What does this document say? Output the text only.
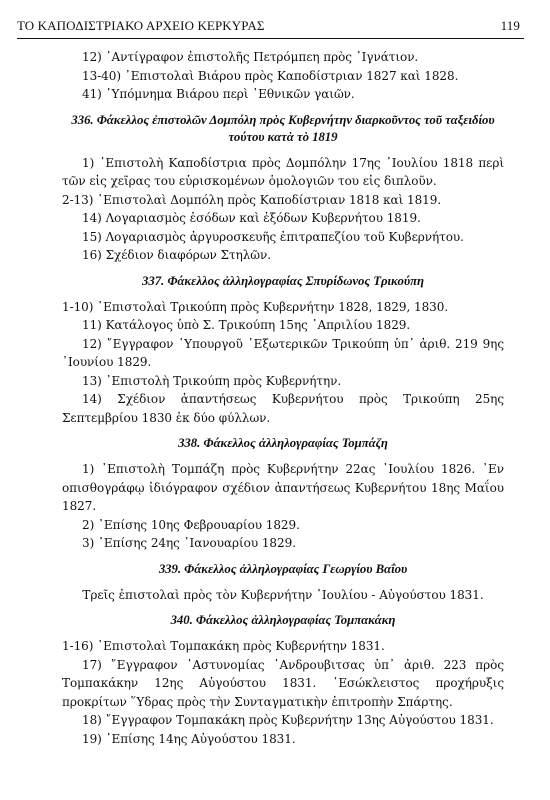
ΤΟ ΚΑΠΟΔΙΣΤΡΙΑΚΟ ΑΡΧΕΙΟ ΚΕΡΚΥΡΑΣ	119
12) ᾿Αντίγραφον ἐπιστολῆς Πετρόμπεη πρὸς ᾿Ιγνάτιον.
13-40) ᾿Επιστολαὶ Βιάρου πρὸς Καποδίστριαν 1827 καὶ 1828.
41) ῾Υπόμνημα Βιάρου περὶ ᾿Εθνικῶν γαιῶν.
336. Φάκελλος ἐπιστολῶν Δομπόλη πρὸς Κυβερνήτην διαρκοῦντος τοῦ ταξειδίου τούτου κατὰ τὸ 1819
1) ᾿Επιστολὴ Καποδίστρια πρὸς Δομπόλην 17ης ᾿Ιουλίου 1818 περὶ τῶν εἰς χεῖρας του εὑρισκομένων ὁμολογιῶν του εἰς διπλοῦν.
2-13) ᾿Επιστολαὶ Δομπόλη πρὸς Καποδίστριαν 1818 καὶ 1819.
14) Λογαριασμὸς ἐσόδων καὶ ἐξόδων Κυβερνήτου 1819.
15) Λογαριασμὸς ἀργυροσκευῆς ἐπιτραπεζίου τοῦ Κυβερνήτου.
16) Σχέδιον διαφόρων Στηλῶν.
337. Φάκελλος ἀλληλογραφίας Σπυρίδωνος Τρικούπη
1-10) ᾿Επιστολαὶ Τρικούπη πρὸς Κυβερνήτην 1828, 1829, 1830.
11) Κατάλογος ὑπὸ Σ. Τρικούπη 15ης ᾿Απριλίου 1829.
12) ῎Εγγραφον ῾Υπουργοῦ ᾿Εξωτερικῶν Τρικούπη ὑπ᾿ ἀριθ. 219 9ης ᾿Ιουνίου 1829.
13) ᾿Επιστολὴ Τρικούπη πρὸς Κυβερνήτην.
14) Σχέδιον ἀπαντήσεως Κυβερνήτου πρὸς Τρικούπη 25ης Σεπτεμβρίου 1830 ἐκ δύο φύλλων.
338. Φάκελλος ἀλληλογραφίας Τομπάζη
1) ᾿Επιστολὴ Τομπάζη πρὸς Κυβερνήτην 22ας ᾿Ιουλίου 1826. ᾿Εν οπισθογράφῳ ἰδιόγραφον σχέδιον ἀπαντήσεως Κυβερνήτου 18ης Μαΐου 1827.
2) ᾿Επίσης 10ης Φεβρουαρίου 1829.
3) ᾿Επίσης 24ης ᾿Ιανουαρίου 1829.
339. Φάκελλος ἀλληλογραφίας Γεωργίου Βαΐου
Τρεῖς ἐπιστολαὶ πρὸς τὸν Κυβερνήτην ᾿Ιουλίου - Αὐγούστου 1831.
340. Φάκελλος ἀλληλογραφίας Τομπακάκη
1-16) ᾿Επιστολαὶ Τομπακάκη πρὸς Κυβερνήτην 1831.
17) ῎Εγγραφον ᾿Αστυνομίας ᾿Ανδρουβιτσας ὑπ᾿ ἀριθ. 223 πρὸς Τομπακάκην 12ης Αὐγούστου 1831. ᾿Εσώκλειστος προχήρυξις προκρίτων ῞Υδρας πρὸς τὴν Συνταγματικὴν ἐπιτροπὴν Σπάρτης.
18) ῎Εγγραφον Τομπακάκη πρὸς Κυβερνήτην 13ης Αὐγούστου 1831.
19) ᾿Επίσης 14ης Αὐγούστου 1831.
